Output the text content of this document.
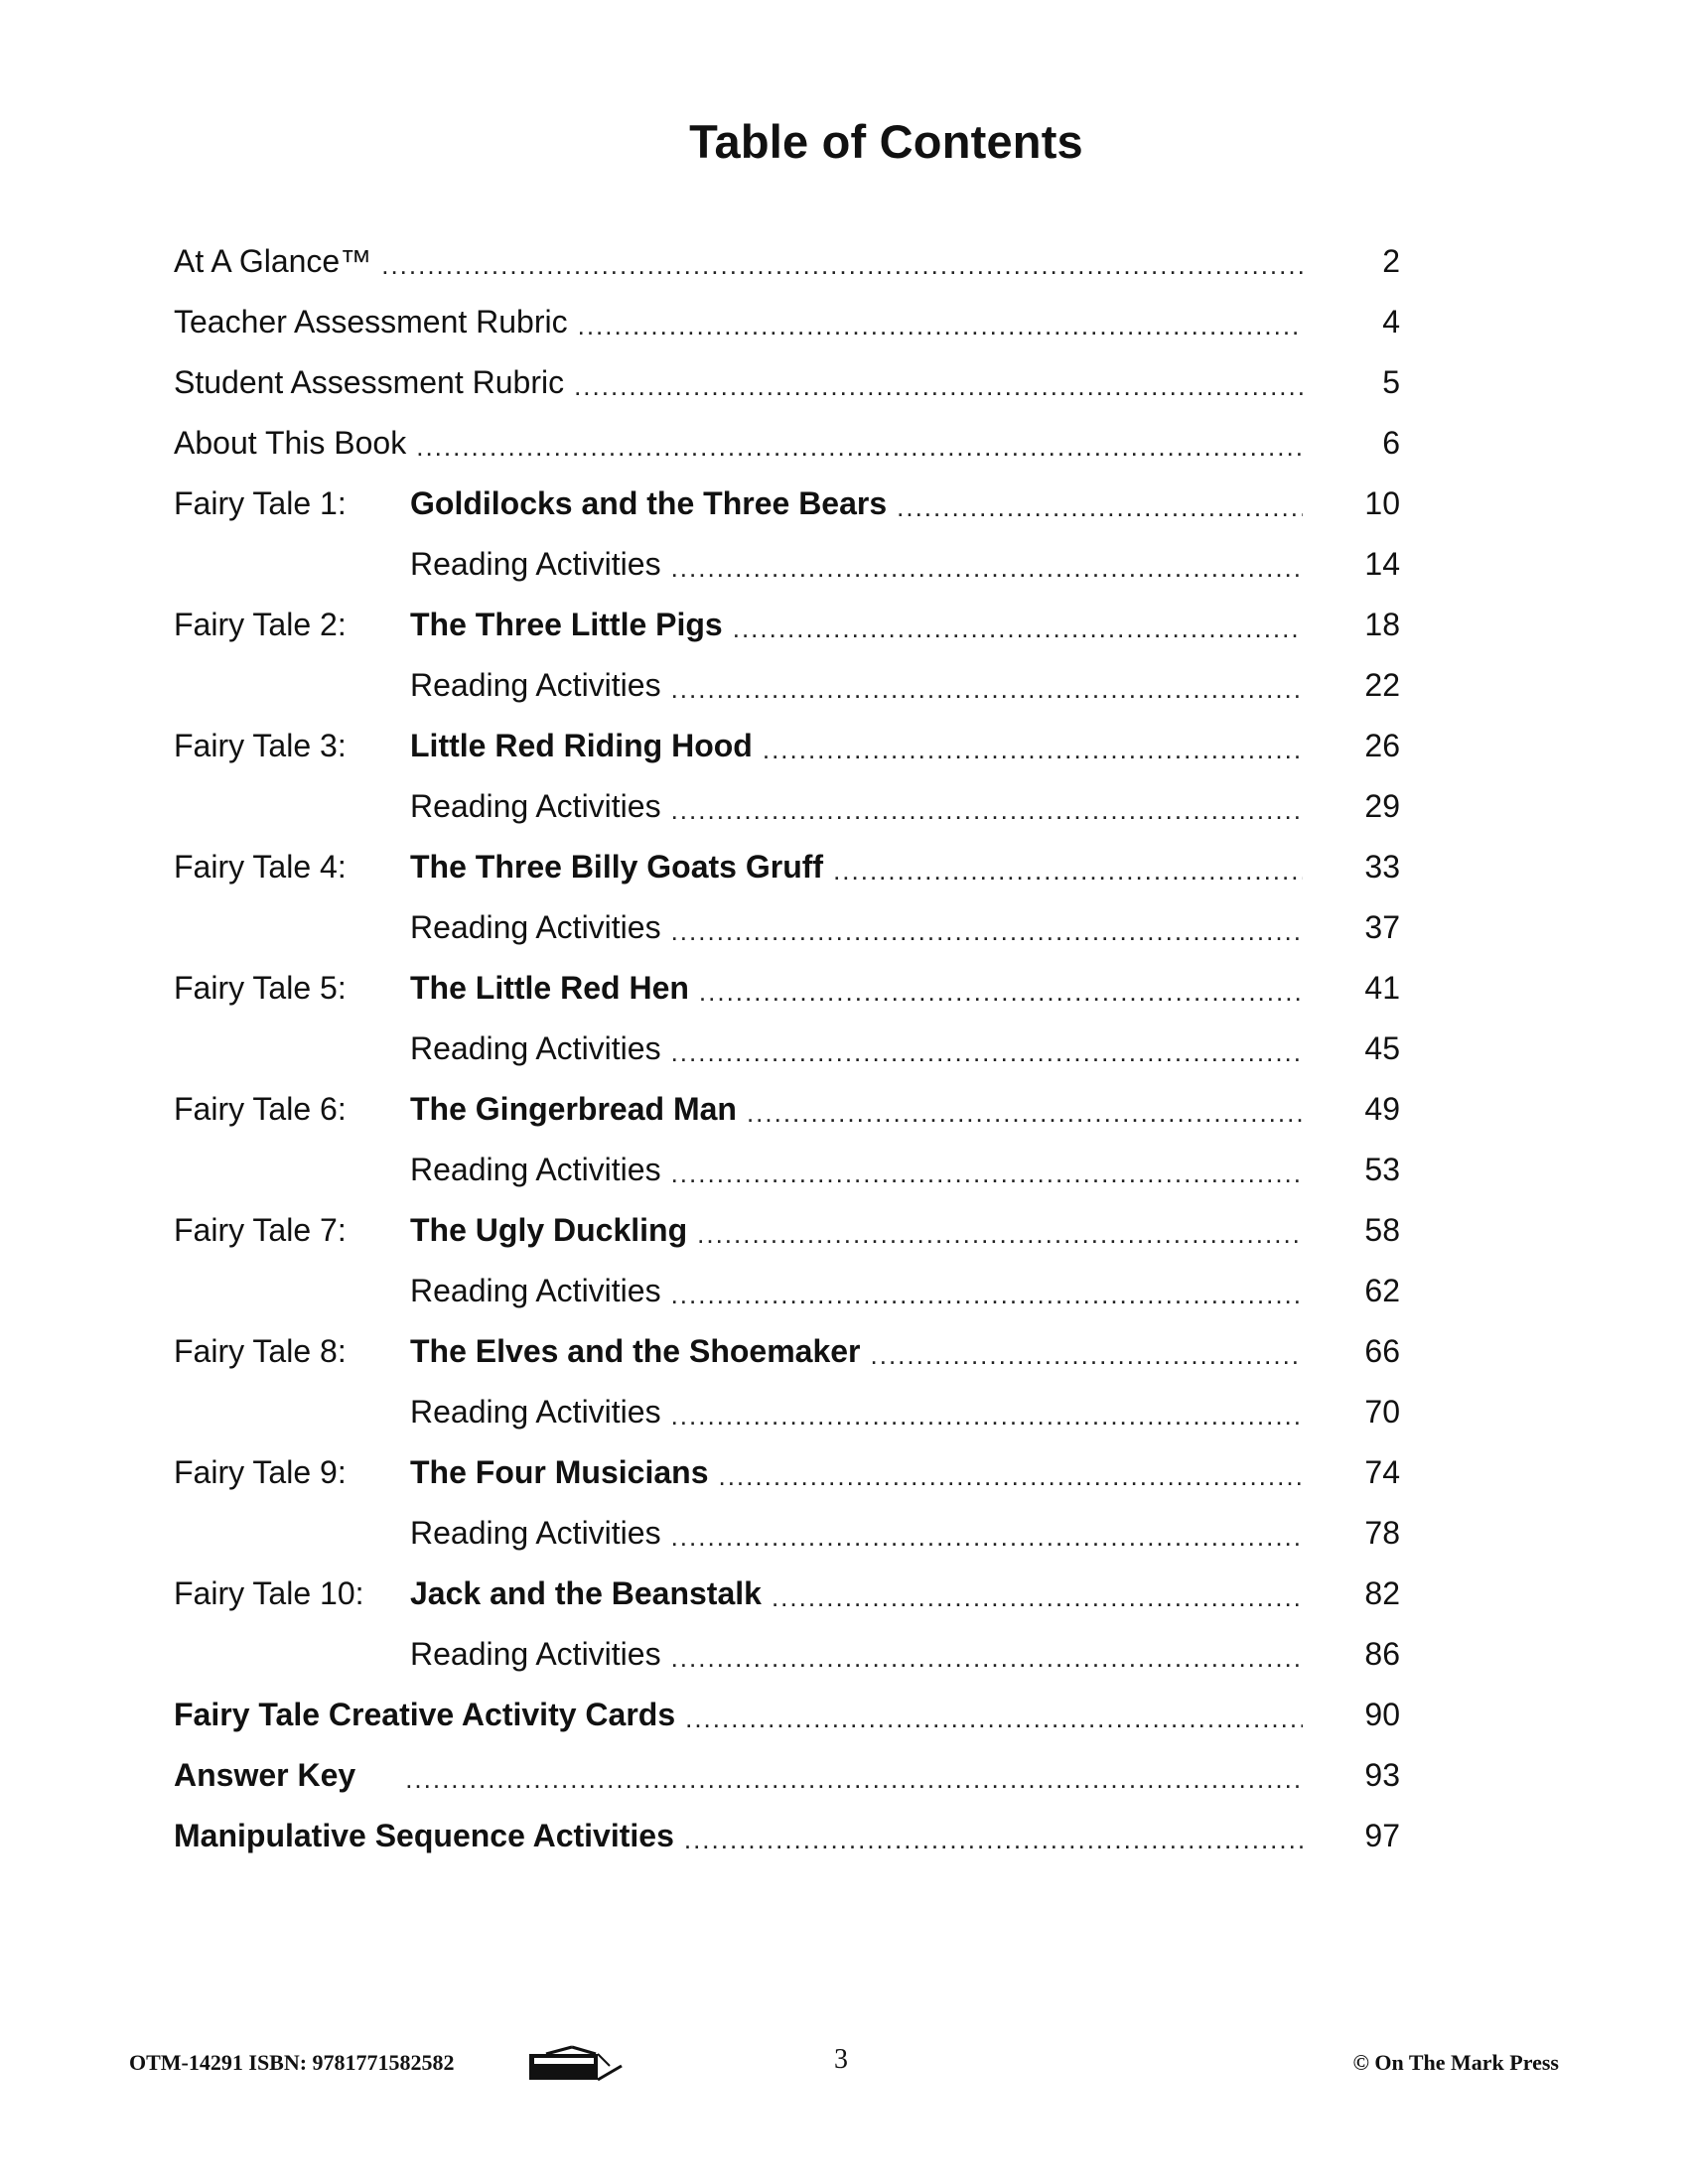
Table of Contents
At A Glance™ .....	2
Teacher Assessment Rubric .....	4
Student Assessment Rubric .....	5
About This Book .....	6
Fairy Tale 1:	Goldilocks and the Three Bears .....	10
Reading Activities .....	14
Fairy Tale 2:	The Three Little Pigs .....	18
Reading Activities .....	22
Fairy Tale 3:	Little Red Riding Hood .....	26
Reading Activities .....	29
Fairy Tale 4:	The Three Billy Goats Gruff .....	33
Reading Activities .....	37
Fairy Tale 5:	The Little Red Hen .....	41
Reading Activities .....	45
Fairy Tale 6:	The Gingerbread Man .....	49
Reading Activities .....	53
Fairy Tale 7:	The Ugly Duckling .....	58
Reading Activities .....	62
Fairy Tale 8:	The Elves and the Shoemaker .....	66
Reading Activities .....	70
Fairy Tale 9:	The Four Musicians .....	74
Reading Activities .....	78
Fairy Tale 10:	Jack and the Beanstalk .....	82
Reading Activities .....	86
Fairy Tale Creative Activity Cards .....	90
Answer Key .....	93
Manipulative Sequence Activities .....	97
OTM-14291 ISBN: 9781771582582	3	© On The Mark Press
